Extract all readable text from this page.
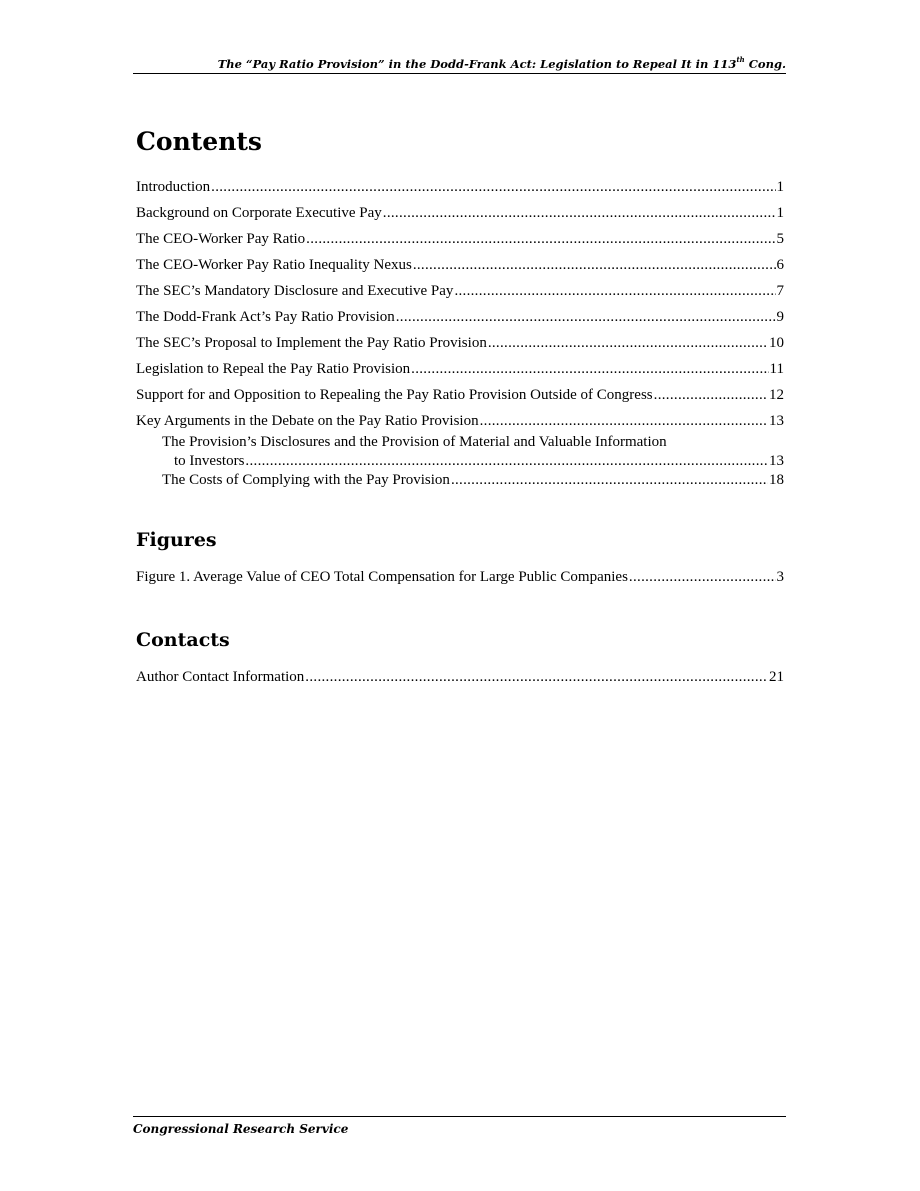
The “Pay Ratio Provision” in the Dodd-Frank Act: Legislation to Repeal It in 113th Cong.
Contents
Introduction .....	1
Background on Corporate Executive Pay .....	1
The CEO-Worker Pay Ratio .....	5
The CEO-Worker Pay Ratio Inequality Nexus .....	6
The SEC’s Mandatory Disclosure and Executive Pay .....	7
The Dodd-Frank Act’s Pay Ratio Provision .....	9
The SEC’s Proposal to Implement the Pay Ratio Provision .....	10
Legislation to Repeal the Pay Ratio Provision .....	11
Support for and Opposition to Repealing the Pay Ratio Provision Outside of Congress .....	12
Key Arguments in the Debate on the Pay Ratio Provision .....	13
The Provision’s Disclosures and the Provision of Material and Valuable Information
to Investors .....	13
The Costs of Complying with the Pay Provision .....	18
Figures
Figure 1. Average Value of CEO Total Compensation for Large Public Companies .....	3
Contacts
Author Contact Information .....	21
Congressional Research Service
